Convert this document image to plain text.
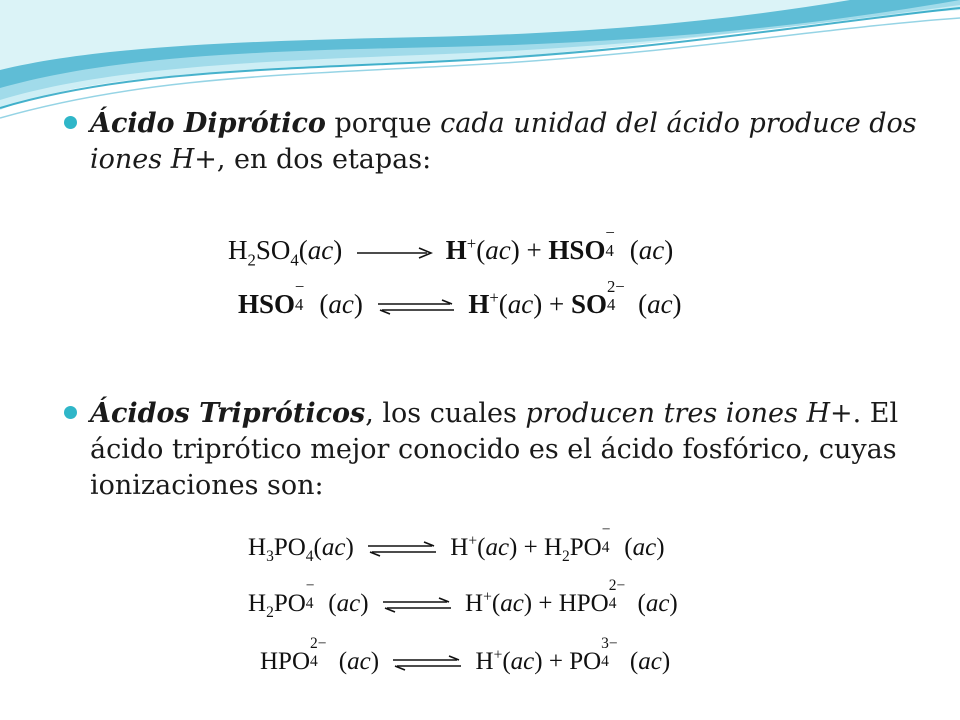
Ácido Diprótico porque cada unidad del ácido produce dos iones H+, en dos etapas:
$H_2SO_4(ac)$	H+(ac) + HSO
−
4 (ac)
HSO
−
4 (ac) ⇌ H+(ac) + SO
2−
4 (ac)
Ácidos Tripróticos, los cuales producen tres iones H+. El ácido triprótico mejor conocido es el ácido fosfórico, cuyas ionizaciones son:
$H_3PO_4(ac)$ ⇌ $H^+(ac) + H_2PO$
−
4 (ac)
$H_2PO$
−
4 (ac) ⇌ H+(ac) + HPO
2−
4 (ac)
HPO
2−
4 (ac) ⇌ H+(ac) + PO
3−
4 (ac)
